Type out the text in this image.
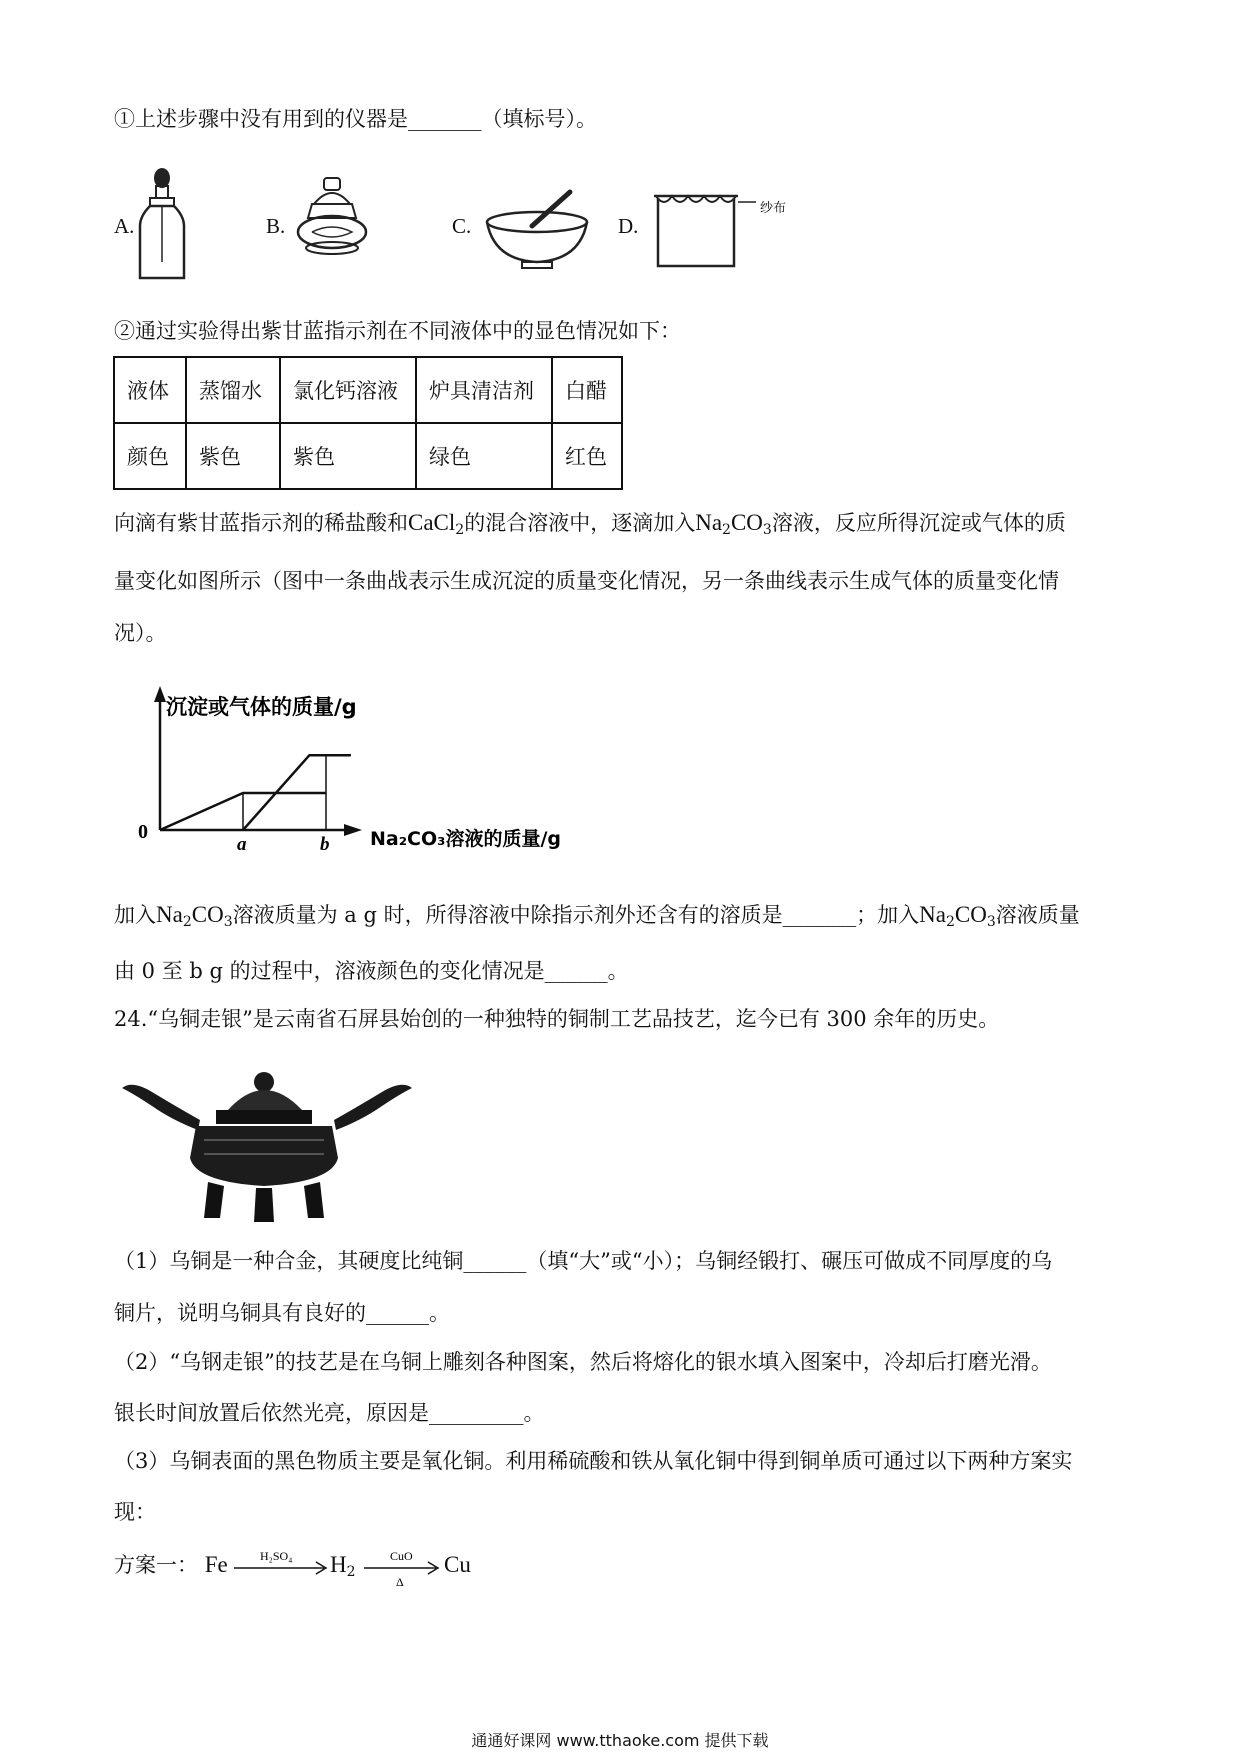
①上述步骤中没有用到的仪器是_______（填标号）。
A.	B.	C.	D.
纱布
②通过实验得出紫甘蓝指示剂在不同液体中的显色情况如下：
液体	蒸馏水	氯化钙溶液	炉具清洁剂	白醋
颜色	紫色	紫色	绿色	红色
向滴有紫甘蓝指示剂的稀盐酸和CaCl$_2$的混合溶液中，逐滴加入$Na_2CO_3$溶液，反应所得沉淀或气体的质
量变化如图所示（图中一条曲战表示生成沉淀的质量变化情况，另一条曲线表示生成气体的质量变化情
况）。
沉淀或气体的质量/g
Na₂CO₃溶液的质量/g
0
a	b
加入$Na_2CO_3$溶液质量为 a g 时，所得溶液中除指示剂外还含有的溶质是_______；加入$Na_2CO_3$溶液质量
由 0 至 b g 的过程中，溶液颜色的变化情况是______。
24.“乌铜走银”是云南省石屏县始创的一种独特的铜制工艺品技艺，迄今已有 300 余年的历史。
（1）乌铜是一种合金，其硬度比纯铜______（填“大”或“小）；乌铜经锻打、碾压可做成不同厚度的乌
铜片，说明乌铜具有良好的______。
（2）“乌钢走银”的技艺是在乌铜上雕刻各种图案，然后将熔化的银水填入图案中，冷却后打磨光滑。
银长时间放置后依然光亮，原因是_________。
（3）乌铜表面的黑色物质主要是氧化铜。利用稀硫酸和铁从氧化铜中得到铜单质可通过以下两种方案实
现：
方案一： Fe	H₂SO₄ $H_2$
CuO
Δ
Cu
通通好课网 www.tthaoke.com 提供下载
